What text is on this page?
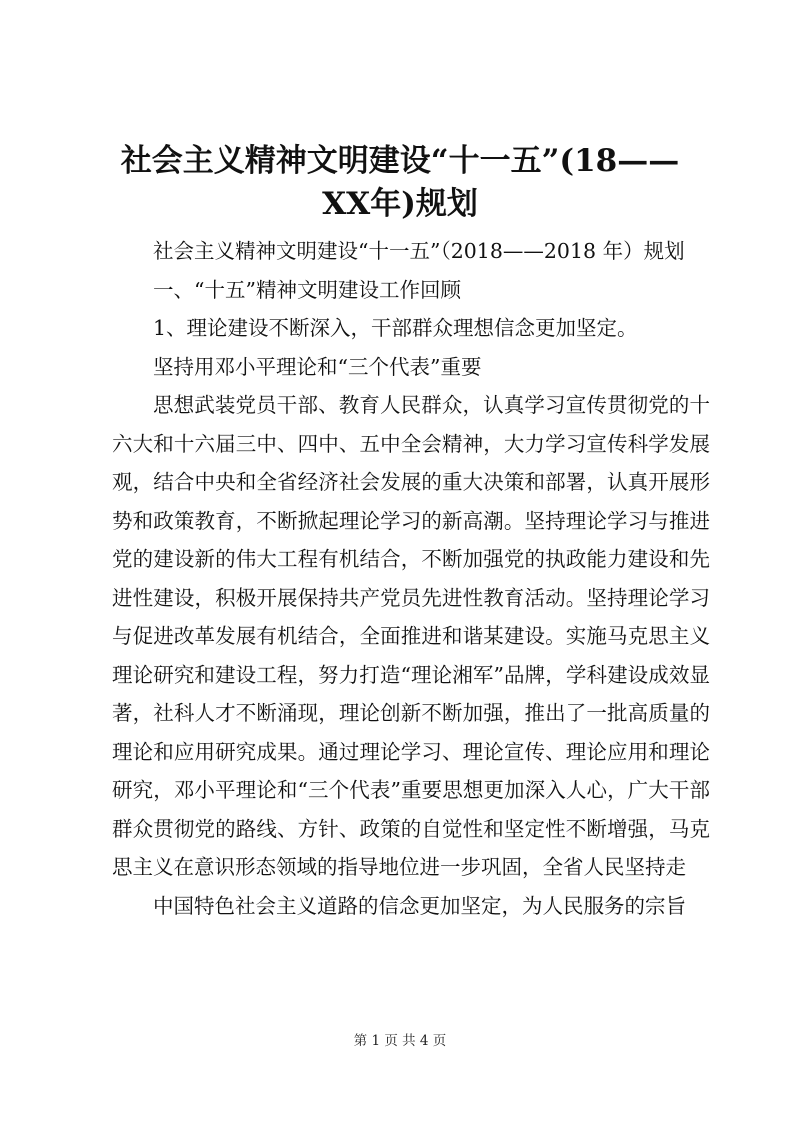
社会主义精神文明建设“十一五”(18——XX年)规划

社会主义精神文明建设“十一五”（2018——2018 年）规划

一、“十五”精神文明建设工作回顾

1、理论建设不断深入，干部群众理想信念更加坚定。

坚持用邓小平理论和“三个代表”重要

思想武装党员干部、教育人民群众，认真学习宣传贯彻党的十六大和十六届三中、四中、五中全会精神，大力学习宣传科学发展观，结合中央和全省经济社会发展的重大决策和部署，认真开展形势和政策教育，不断掀起理论学习的新高潮。坚持理论学习与推进党的建设新的伟大工程有机结合，不断加强党的执政能力建设和先进性建设，积极开展保持共产党员先进性教育活动。坚持理论学习与促进改革发展有机结合，全面推进和谐某建设。实施马克思主义理论研究和建设工程，努力打造“理论湘军”品牌，学科建设成效显著，社科人才不断涌现，理论创新不断加强，推出了一批高质量的理论和应用研究成果。通过理论学习、理论宣传、理论应用和理论研究，邓小平理论和“三个代表”重要思想更加深入人心，广大干部群众贯彻党的路线、方针、政策的自觉性和坚定性不断增强，马克思主义在意识形态领域的指导地位进一步巩固，全省人民坚持走

中国特色社会主义道路的信念更加坚定，为人民服务的宗旨

第 1 页 共 4 页
